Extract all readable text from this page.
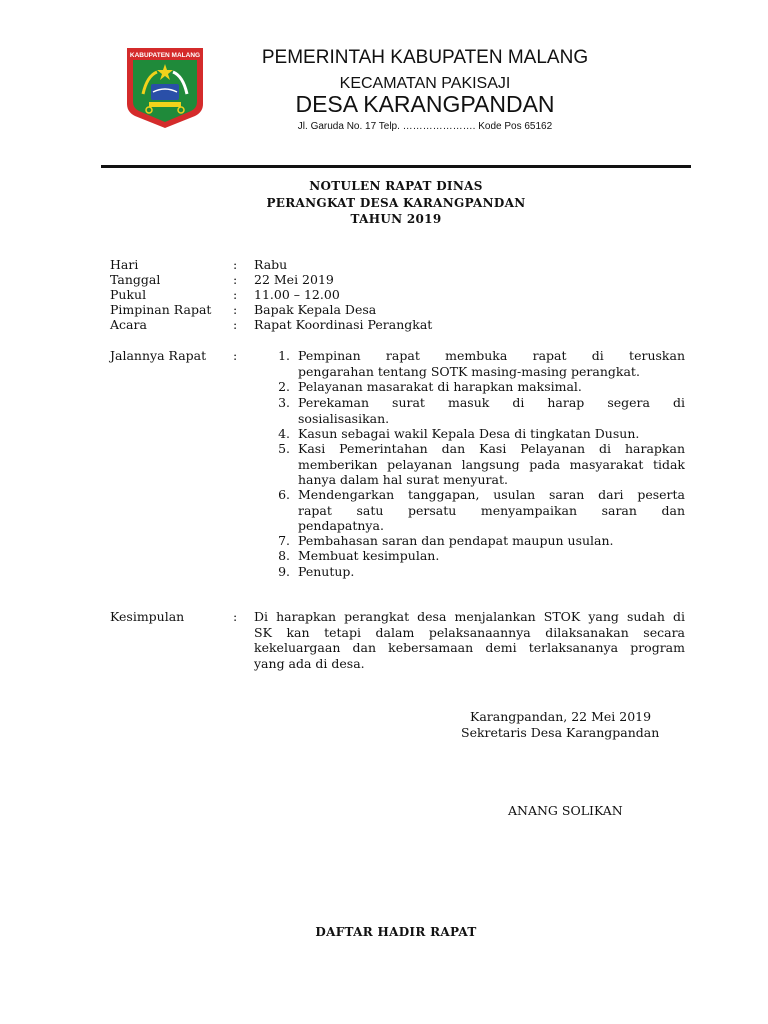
KABUPATEN MALANG	PEMERINTAH KABUPATEN MALANG
KECAMATAN PAKISAJI
DESA KARANGPANDAN
Jl. Garuda No. 17 Telp. …………………. Kode Pos 65162
NOTULEN RAPAT DINAS
PERANGKAT DESA KARANGPANDAN
TAHUN 2019
Hari	: Rabu
Tanggal	: 22 Mei 2019
Pukul	: 11.00 – 12.00
Pimpinan Rapat : Bapak Kepala Desa
Acara	: Rapat Koordinasi Perangkat
Jalannya Rapat :	1. Pempinan rapat membuka rapat di teruskan
pengarahan tentang SOTK masing-masing perangkat.
2. Pelayanan masarakat di harapkan maksimal.
3. Perekaman surat masuk di harap segera di
sosialisasikan.
4. Kasun sebagai wakil Kepala Desa di tingkatan Dusun.
5. Kasi Pemerintahan dan Kasi Pelayanan di harapkan
memberikan pelayanan langsung pada masyarakat tidak
hanya dalam hal surat menyurat.
6. Mendengarkan tanggapan, usulan saran dari peserta
rapat satu persatu menyampaikan saran dan
pendapatnya.
7. Pembahasan saran dan pendapat maupun usulan.
8. Membuat kesimpulan.
9. Penutup.
Kesimpulan	: Di harapkan perangkat desa menjalankan STOK yang sudah di
SK kan tetapi dalam pelaksanaannya dilaksanakan secara
kekeluargaan dan kebersamaan demi terlaksananya program
yang ada di desa.
Karangpandan, 22 Mei 2019
Sekretaris Desa Karangpandan
ANANG SOLIKAN
DAFTAR HADIR RAPAT
